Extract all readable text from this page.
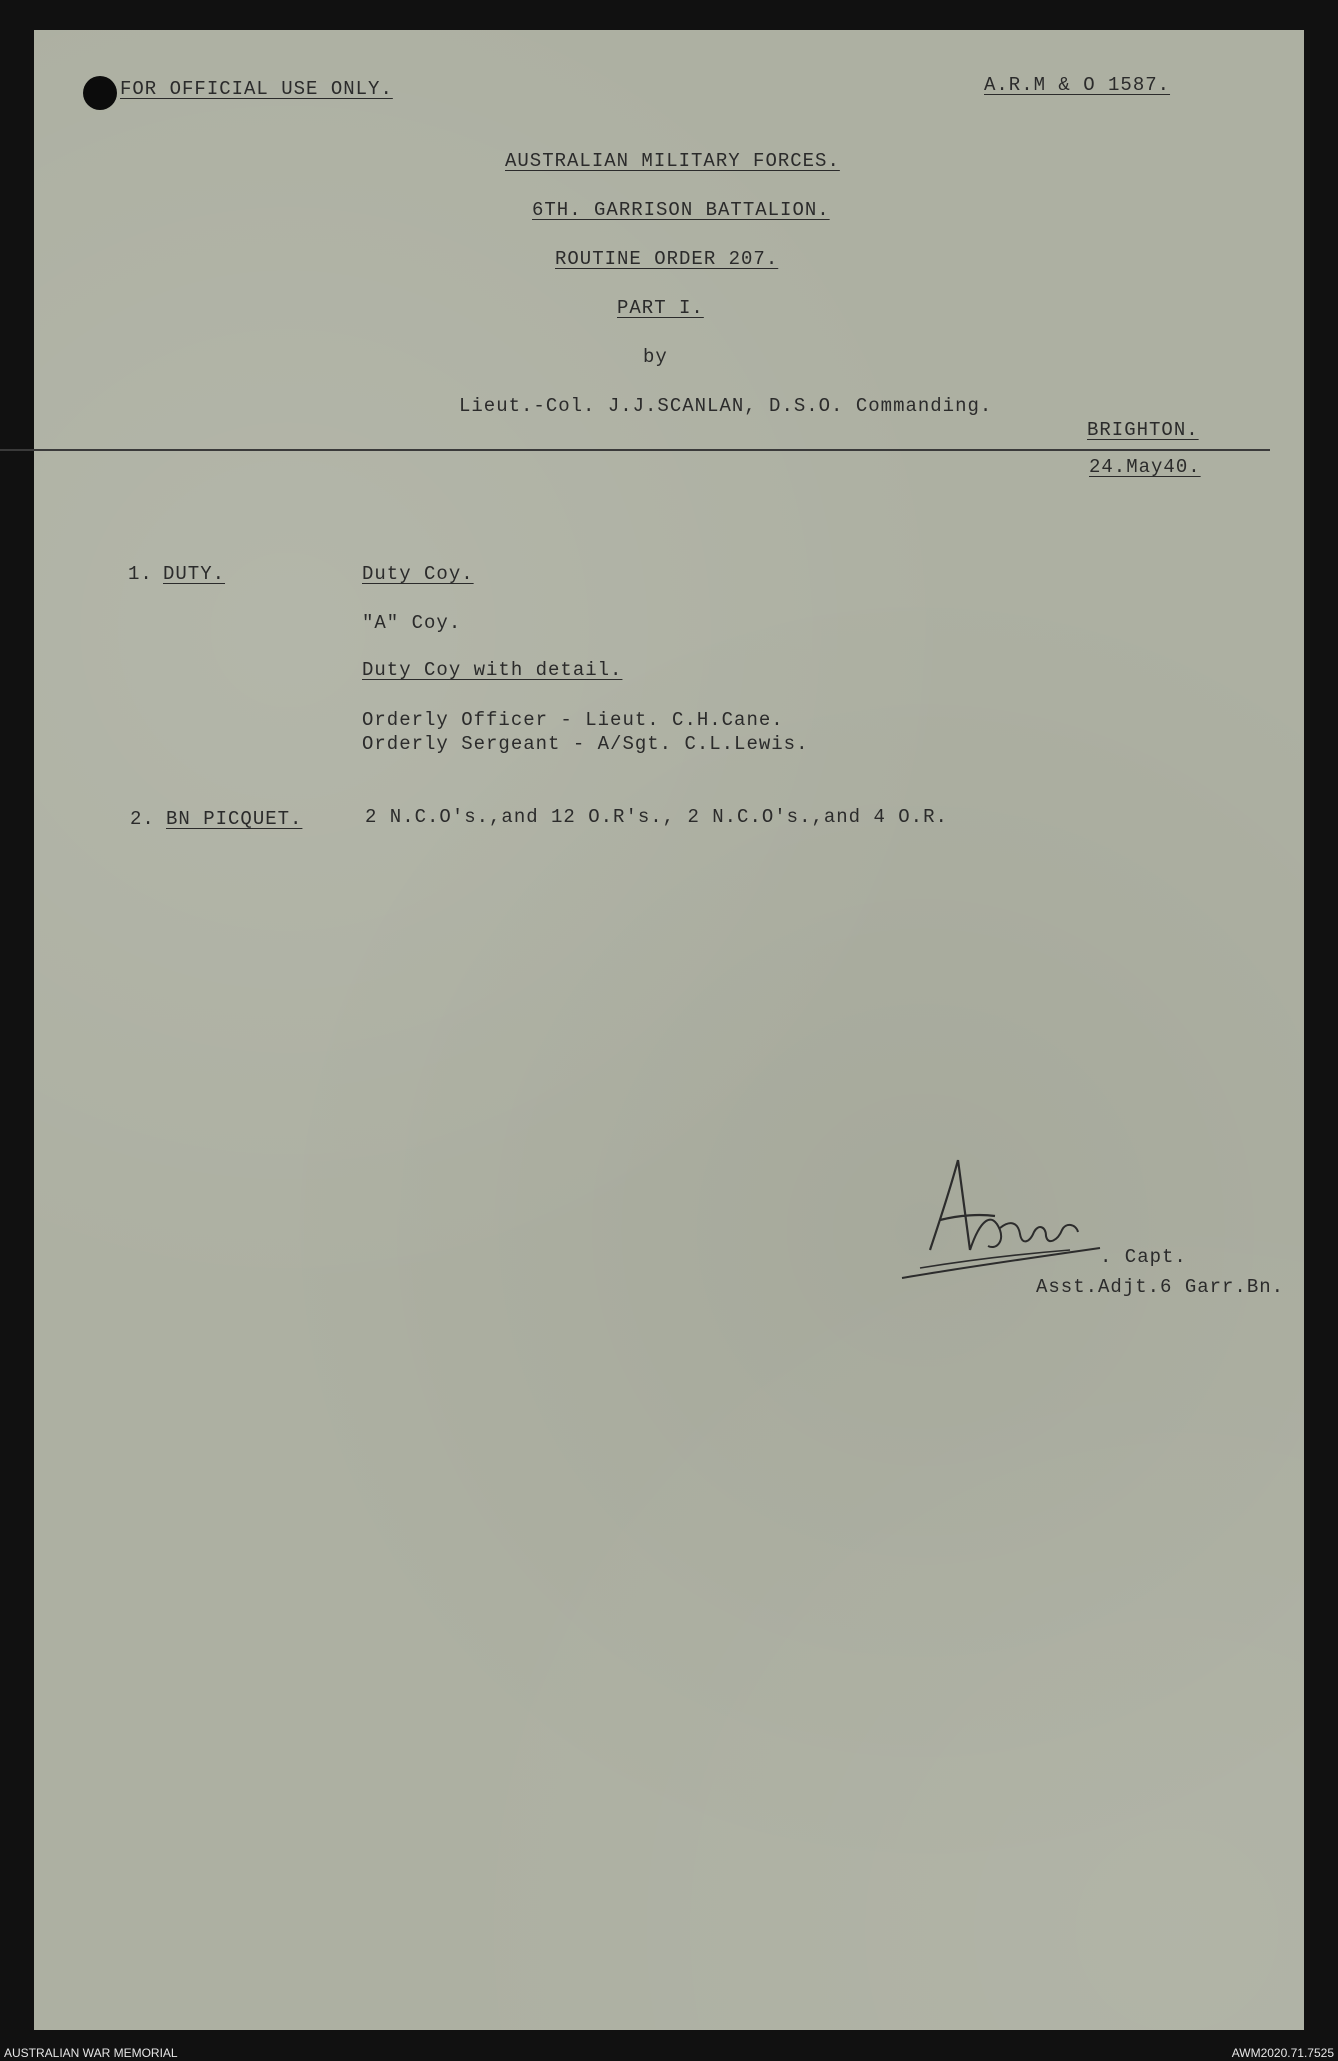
FOR OFFICIAL USE ONLY.	A.R.M & O 1587.
AUSTRALIAN MILITARY FORCES.
6TH. GARRISON BATTALION.
ROUTINE ORDER 207.
PART I.
by
Lieut.-Col. J.J.SCANLAN, D.S.O. Commanding.
BRIGHTON.
24.May40.
1. DUTY.	Duty Coy.
"A" Coy.
Duty Coy with detail.
Orderly Officer - Lieut. C.H.Cane.
Orderly Sergeant - A/Sgt. C.L.Lewis.
2. BN PICQUET.	2 N.C.O's.,and 12 O.R's., 2 N.C.O's.,and 4 O.R.
. Capt.
Asst.Adjt.6 Garr.Bn.
AUSTRALIAN WAR MEMORIAL	AWM2020.71.7525
